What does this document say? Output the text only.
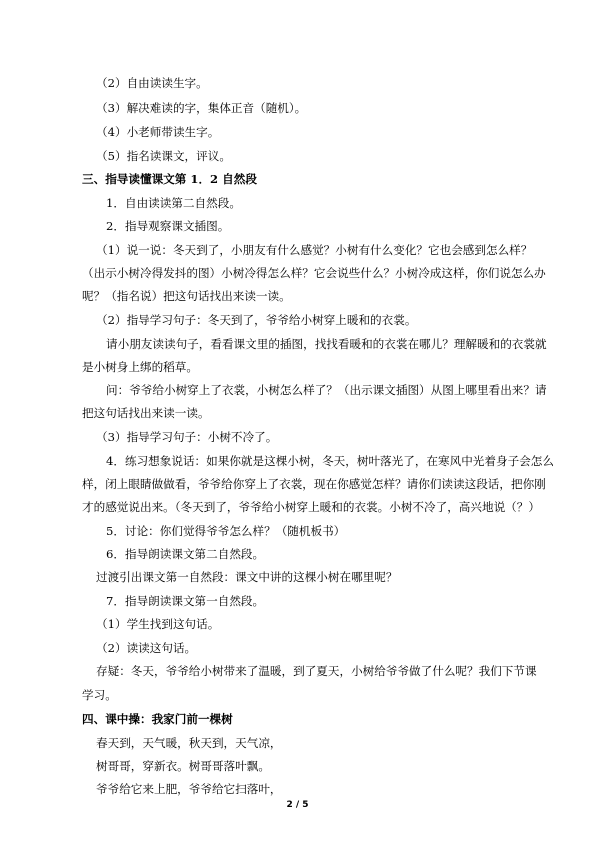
（2）自由读读生字。
（3）解决难读的字，集体正音（随机）。
（4）小老师带读生字。
（5）指名读课文，评议。
三、指导读懂课文第 1．2 自然段
1．自由读读第二自然段。
2．指导观察课文插图。
（1）说一说：冬天到了，小朋友有什么感觉？小树有什么变化？它也会感到怎么样？
（出示小树冷得发抖的图）小树冷得怎么样？它会说些什么？小树冷成这样，你们说怎么办
呢？（指名说）把这句话找出来读一读。
（2）指导学习句子：冬天到了，爷爷给小树穿上暖和的衣裳。
请小朋友读读句子，看看课文里的插图，找找看暖和的衣裳在哪儿？理解暖和的衣裳就
是小树身上绑的稻草。
问：爷爷给小树穿上了衣裳，小树怎么样了？（出示课文插图）从图上哪里看出来？请
把这句话找出来读一读。
（3）指导学习句子：小树不冷了。
4．练习想象说话：如果你就是这棵小树，冬天，树叶落光了，在寒风中光着身子会怎么
样，闭上眼睛做做看，爷爷给你穿上了衣裳，现在你感觉怎样？请你们读读这段话，把你刚
才的感觉说出来。（冬天到了，爷爷给小树穿上暖和的衣裳。小树不冷了，高兴地说（？）
5．讨论：你们觉得爷爷怎么样？（随机板书）
6．指导朗读课文第二自然段。
过渡引出课文第一自然段：课文中讲的这棵小树在哪里呢？
7．指导朗读课文第一自然段。
（1）学生找到这句话。
（2）读读这句话。
存疑：冬天，爷爷给小树带来了温暖，到了夏天，小树给爷爷做了什么呢？我们下节课
学习。
四、课中操：我家门前一棵树
春天到，天气暖，秋天到，天气凉，
树哥哥，穿新衣。树哥哥落叶飘。
爷爷给它来上肥，爷爷给它扫落叶，
2 / 5
